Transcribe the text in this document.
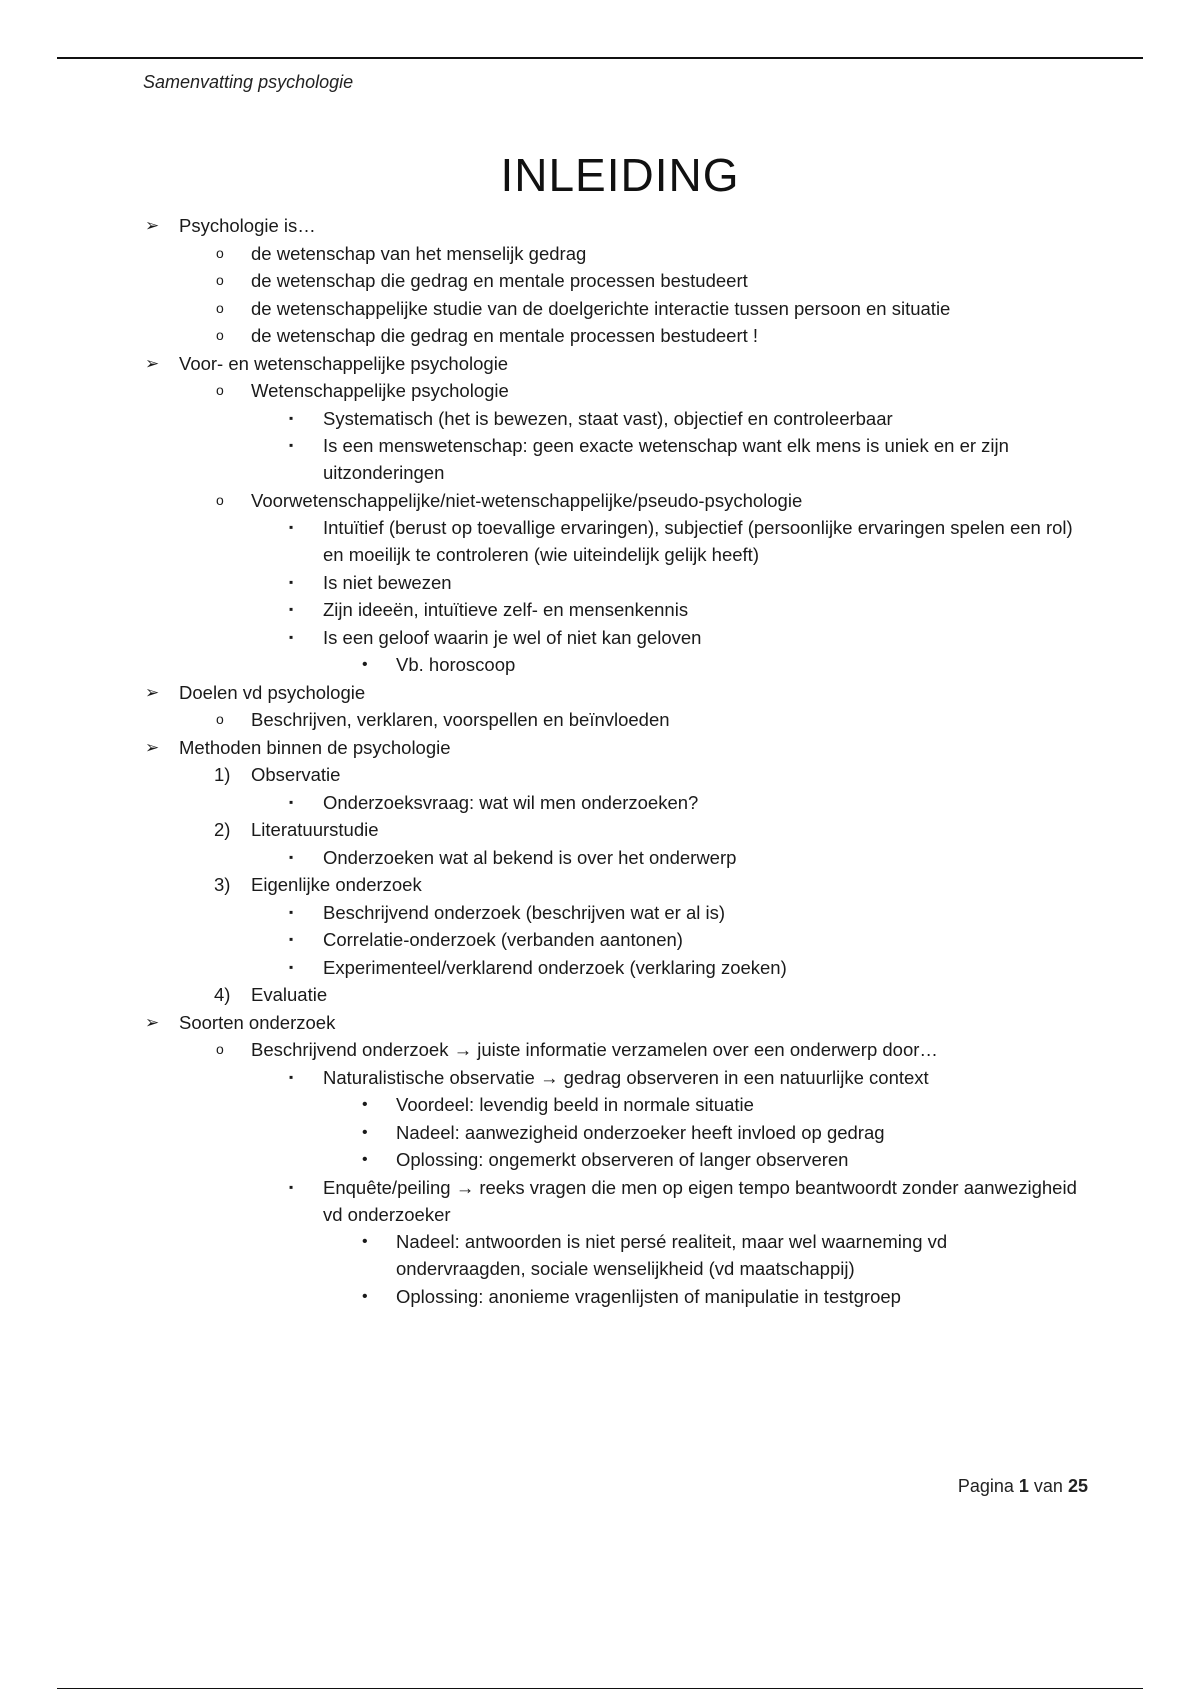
Samenvatting psychologie
INLEIDING
➢ Psychologie is…
o de wetenschap van het menselijk gedrag
o de wetenschap die gedrag en mentale processen bestudeert
o de wetenschappelijke studie van de doelgerichte interactie tussen persoon en situatie
o de wetenschap die gedrag en mentale processen bestudeert !
➢ Voor- en wetenschappelijke psychologie
o Wetenschappelijke psychologie
▪ Systematisch (het is bewezen, staat vast), objectief en controleerbaar
▪ Is een menswetenschap: geen exacte wetenschap want elk mens is uniek en er zijn uitzonderingen
o Voorwetenschappelijke/niet-wetenschappelijke/pseudo-psychologie
▪ Intuïtief (berust op toevallige ervaringen), subjectief (persoonlijke ervaringen spelen een rol) en moeilijk te controleren (wie uiteindelijk gelijk heeft)
▪ Is niet bewezen
▪ Zijn ideeën, intuïtieve zelf- en mensenkennis
▪ Is een geloof waarin je wel of niet kan geloven
• Vb. horoscoop
➢ Doelen vd psychologie
o Beschrijven, verklaren, voorspellen en beïnvloeden
➢ Methoden binnen de psychologie
1) Observatie
▪ Onderzoeksvraag: wat wil men onderzoeken?
2) Literatuurstudie
▪ Onderzoeken wat al bekend is over het onderwerp
3) Eigenlijke onderzoek
▪ Beschrijvend onderzoek (beschrijven wat er al is)
▪ Correlatie-onderzoek (verbanden aantonen)
▪ Experimenteel/verklarend onderzoek (verklaring zoeken)
4) Evaluatie
➢ Soorten onderzoek
o Beschrijvend onderzoek → juiste informatie verzamelen over een onderwerp door…
▪ Naturalistische observatie → gedrag observeren in een natuurlijke context
• Voordeel: levendig beeld in normale situatie
• Nadeel: aanwezigheid onderzoeker heeft invloed op gedrag
• Oplossing: ongemerkt observeren of langer observeren
▪ Enquête/peiling → reeks vragen die men op eigen tempo beantwoordt zonder aanwezigheid vd onderzoeker
• Nadeel: antwoorden is niet persé realiteit, maar wel waarneming vd ondervraagden, sociale wenselijkheid (vd maatschappij)
• Oplossing: anonieme vragenlijsten of manipulatie in testgroep
Pagina 1 van 25
